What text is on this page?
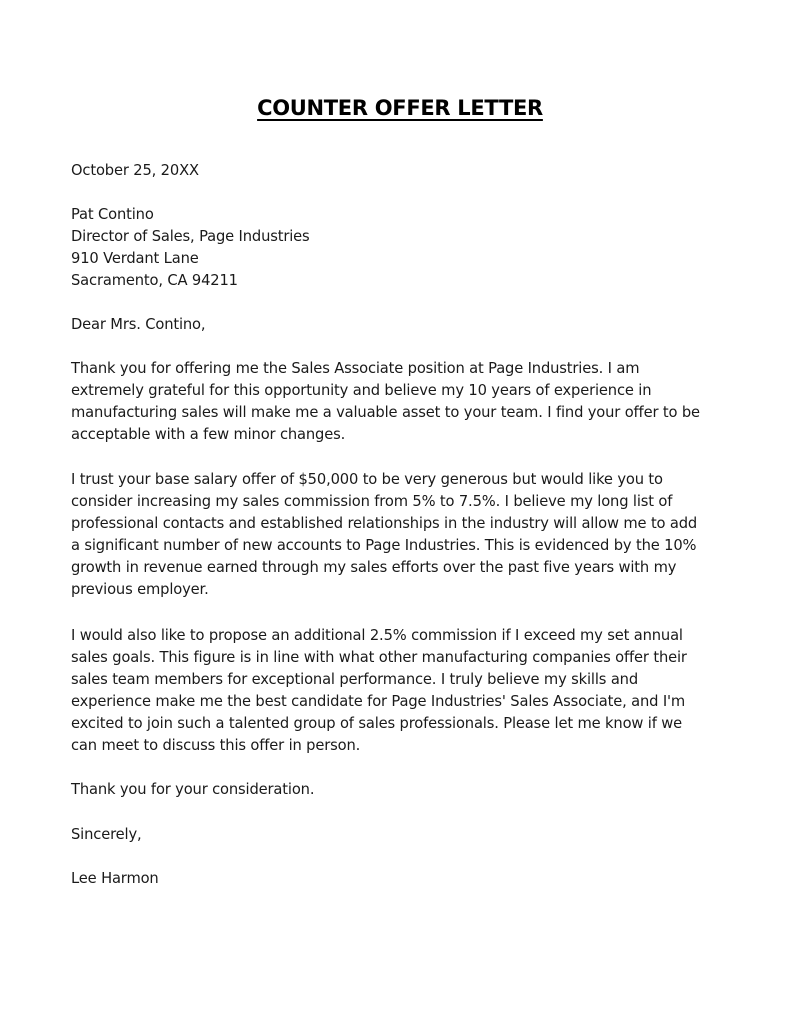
COUNTER OFFER LETTER

October 25, 20XX

Pat Contino
Director of Sales, Page Industries
910 Verdant Lane
Sacramento, CA 94211

Dear Mrs. Contino,

Thank you for offering me the Sales Associate position at Page Industries. I am
extremely grateful for this opportunity and believe my 10 years of experience in
manufacturing sales will make me a valuable asset to your team. I find your offer to be
acceptable with a few minor changes.
I trust your base salary offer of $50,000 to be very generous but would like you to
consider increasing my sales commission from 5% to 7.5%. I believe my long list of
professional contacts and established relationships in the industry will allow me to add
a significant number of new accounts to Page Industries. This is evidenced by the 10%
growth in revenue earned through my sales efforts over the past five years with my
previous employer.
I would also like to propose an additional 2.5% commission if I exceed my set annual
sales goals. This figure is in line with what other manufacturing companies offer their
sales team members for exceptional performance. I truly believe my skills and
experience make me the best candidate for Page Industries' Sales Associate, and I'm
excited to join such a talented group of sales professionals. Please let me know if we
can meet to discuss this offer in person.

Thank you for your consideration.

Sincerely,

Lee Harmon
